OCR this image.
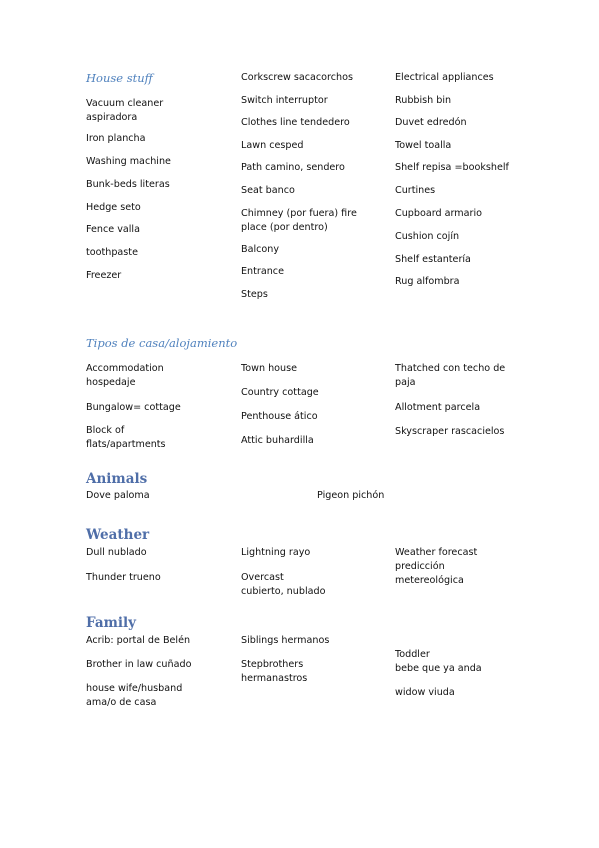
House stuff
Vacuum cleaner
aspiradora
Iron plancha
Washing machine
Bunk-beds literas
Hedge seto
Fence valla
toothpaste
Freezer
Corkscrew sacacorchos
Switch interruptor
Clothes line tendedero
Lawn cesped
Path camino, sendero
Seat banco
Chimney (por fuera) fire
place (por dentro)
Balcony
Entrance
Steps
Electrical appliances
Rubbish bin
Duvet edredón
Towel toalla
Shelf repisa =bookshelf
Curtines
Cupboard armario
Cushion cojín
Shelf estantería
Rug alfombra
Tipos de casa/alojamiento
Accommodation
hospedaje
Bungalow= cottage
Block of
flats/apartments
Town house
Country cottage
Penthouse ático
Attic buhardilla
Thatched con techo de
paja
Allotment parcela
Skyscraper rascacielos
Animals
Dove paloma	Pigeon pichón
Weather
Dull nublado
Thunder trueno
Lightning rayo
Overcast
cubierto, nublado
Weather forecast
predicción
metereológica
Family
Acrib: portal de Belén
Brother in law cuñado
house wife/husband
ama/o de casa
Siblings hermanos
Stepbrothers
hermanastros
Toddler
bebe que ya anda
widow viuda
